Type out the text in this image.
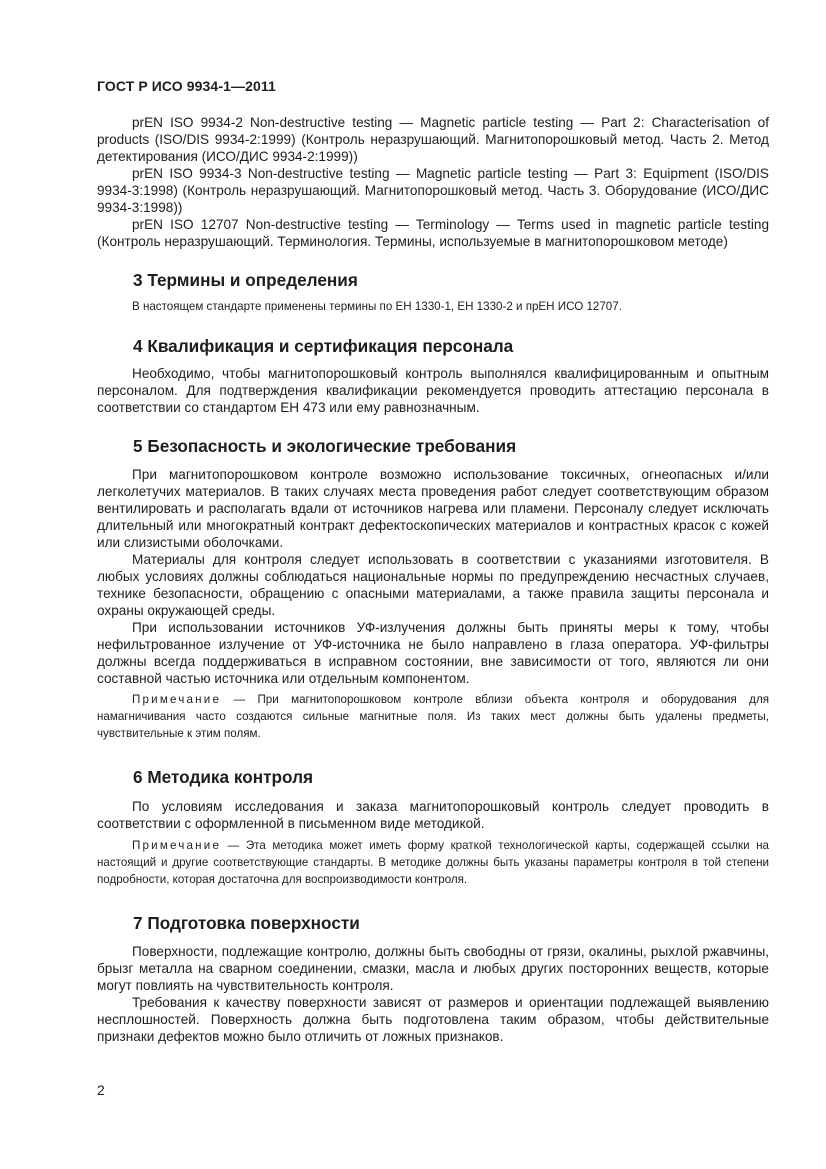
ГОСТ Р ИСО 9934-1—2011

prEN ISO 9934-2 Non-destructive testing — Magnetic particle testing — Part 2: Characterisation of products (ISO/DIS 9934-2:1999) (Контроль неразрушающий. Магнитопорошковый метод. Часть 2. Метод детектирования (ИСО/ДИС 9934-2:1999))

prEN ISO 9934-3 Non-destructive testing — Magnetic particle testing — Part 3: Equipment (ISO/DIS 9934-3:1998) (Контроль неразрушающий. Магнитопорошковый метод. Часть 3. Оборудование (ИСО/ДИС 9934-3:1998))

prEN ISO 12707 Non-destructive testing — Terminology — Terms used in magnetic particle testing (Контроль неразрушающий. Терминология. Термины, используемые в магнитопорошковом методе)

3 Термины и определения

В настоящем стандарте применены термины по ЕН 1330-1, ЕН 1330-2 и прЕН ИСО 12707.

4 Квалификация и сертификация персонала

Необходимо, чтобы магнитопорошковый контроль выполнялся квалифицированным и опытным персоналом. Для подтверждения квалификации рекомендуется проводить аттестацию персонала в соответствии со стандартом ЕН 473 или ему равнозначным.

5 Безопасность и экологические требования

При магнитопорошковом контроле возможно использование токсичных, огнеопасных и/или легколетучих материалов. В таких случаях места проведения работ следует соответствующим образом вентилировать и располагать вдали от источников нагрева или пламени. Персоналу следует исключать длительный или многократный контракт дефектоскопических материалов и контрастных красок с кожей или слизистыми оболочками.

Материалы для контроля следует использовать в соответствии с указаниями изготовителя. В любых условиях должны соблюдаться национальные нормы по предупреждению несчастных случаев, технике безопасности, обращению с опасными материалами, а также правила защиты персонала и охраны окружающей среды.

При использовании источников УФ-излучения должны быть приняты меры к тому, чтобы нефильтрованное излучение от УФ-источника не было направлено в глаза оператора. УФ-фильтры должны всегда поддерживаться в исправном состоянии, вне зависимости от того, являются ли они составной частью источника или отдельным компонентом.

Примечание — При магнитопорошковом контроле вблизи объекта контроля и оборудования для намагничивания часто создаются сильные магнитные поля. Из таких мест должны быть удалены предметы, чувствительные к этим полям.

6 Методика контроля

По условиям исследования и заказа магнитопорошковый контроль следует проводить в соответствии с оформленной в письменном виде методикой.

Примечание — Эта методика может иметь форму краткой технологической карты, содержащей ссылки на настоящий и другие соответствующие стандарты. В методике должны быть указаны параметры контроля в той степени подробности, которая достаточна для воспроизводимости контроля.

7 Подготовка поверхности

Поверхности, подлежащие контролю, должны быть свободны от грязи, окалины, рыхлой ржавчины, брызг металла на сварном соединении, смазки, масла и любых других посторонних веществ, которые могут повлиять на чувствительность контроля.

Требования к качеству поверхности зависят от размеров и ориентации подлежащей выявлению несплошностей. Поверхность должна быть подготовлена таким образом, чтобы действительные признаки дефектов можно было отличить от ложных признаков.

2
